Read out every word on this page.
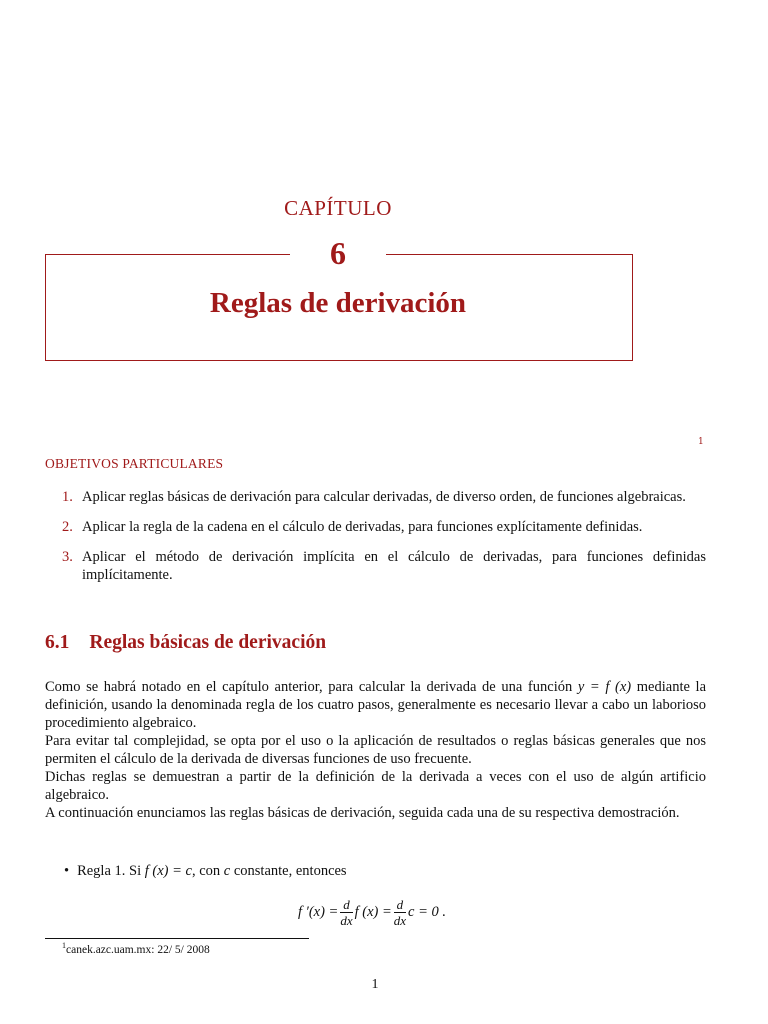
CAPÍTULO
6
Reglas de derivación
1
OBJETIVOS PARTICULARES
1. Aplicar reglas básicas de derivación para calcular derivadas, de diverso orden, de funciones algebraicas.
2. Aplicar la regla de la cadena en el cálculo de derivadas, para funciones explícitamente definidas.
3. Aplicar el método de derivación implícita en el cálculo de derivadas, para funciones definidas implícitamente.
6.1 Reglas básicas de derivación

Como se habrá notado en el capítulo anterior, para calcular la derivada de una función y = f (x) mediante la definición, usando la denominada regla de los cuatro pasos, generalmente es necesario llevar a cabo un laborioso procedimiento algebraico.

Para evitar tal complejidad, se opta por el uso o la aplicación de resultados o reglas básicas generales que nos permiten el cálculo de la derivada de diversas funciones de uso frecuente.

Dichas reglas se demuestran a partir de la definición de la derivada a veces con el uso de algún artificio algebraico.

A continuación enunciamos las reglas básicas de derivación, seguida cada una de su respectiva demostración.

• Regla 1. Si f (x) = c, con c constante, entonces
f $'(x) = \frac{d}{dx}$ f $(x) = \frac{d}{dx}$ c = 0 .
$^1$canek.azc.uam.mx: 22/ 5/ 2008
1
